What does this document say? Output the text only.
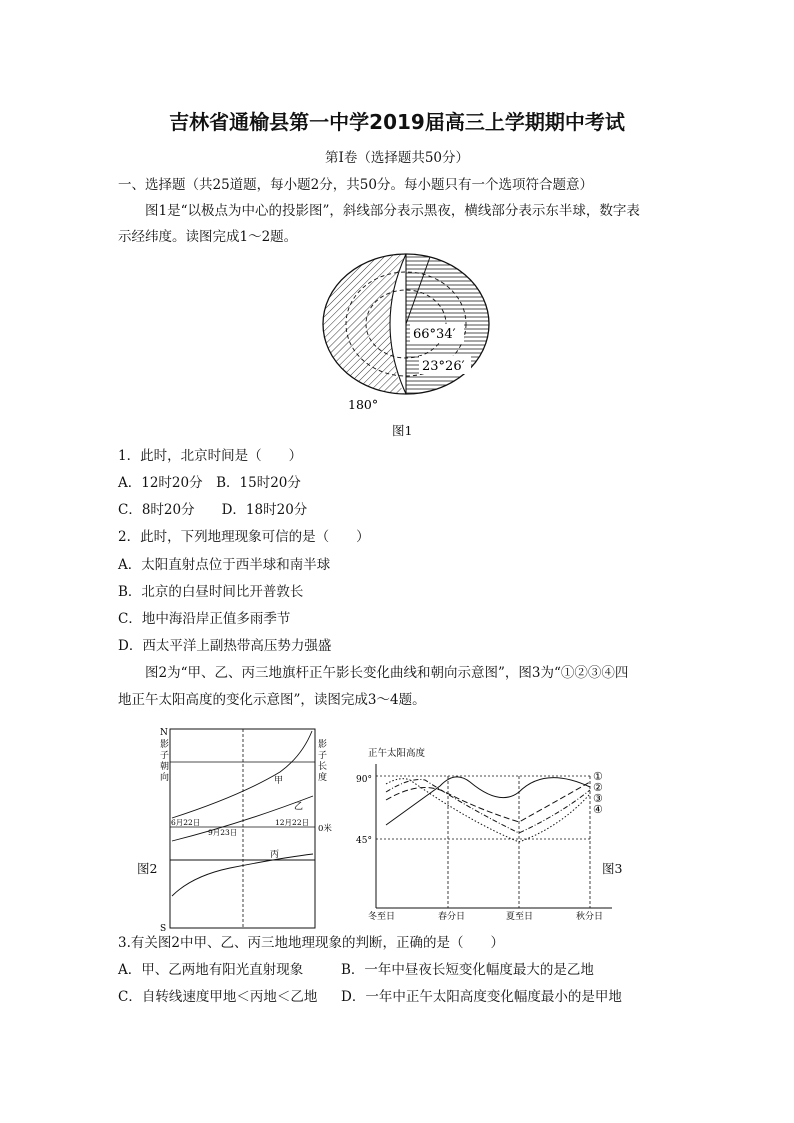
吉林省通榆县第一中学2019届高三上学期期中考试
第Ⅰ卷（选择题共50分）
一、选择题（共25道题，每小题2分，共50分。每小题只有一个选项符合题意）
图1是“以极点为中心的投影图”，斜线部分表示黑夜，横线部分表示东半球，数字表
示经纬度。读图完成1～2题。
66°34′
23°26′
180°
图1
1．此时，北京时间是（　　）
A．12时20分　B．15时20分
C．8时20分　　D．18时20分
2．此时，下列地理现象可信的是（　　）
A．太阳直射点位于西半球和南半球
B．北京的白昼时间比开普敦长
C．地中海沿岸正值多雨季节
D．西太平洋上副热带高压势力强盛
图2为“甲、乙、丙三地旗杆正午影长变化曲线和朝向示意图”，图3为“①②③④四
地正午太阳高度的变化示意图”，读图完成3～4题。
N
影
子
朝
向
S
影
子
长
度
甲
乙
丙
6月22日
9月23日
12月22日
0米
图2
正午太阳高度
90°
45°
①
②
③
④
冬至日	春分日	夏至日	秋分日
图3
3.有关图2中甲、乙、丙三地地理现象的判断，正确的是（　　）
A．甲、乙两地有阳光直射现象	B．一年中昼夜长短变化幅度最大的是乙地
C．自转线速度甲地＜丙地＜乙地 D．一年中正午太阳高度变化幅度最小的是甲地
